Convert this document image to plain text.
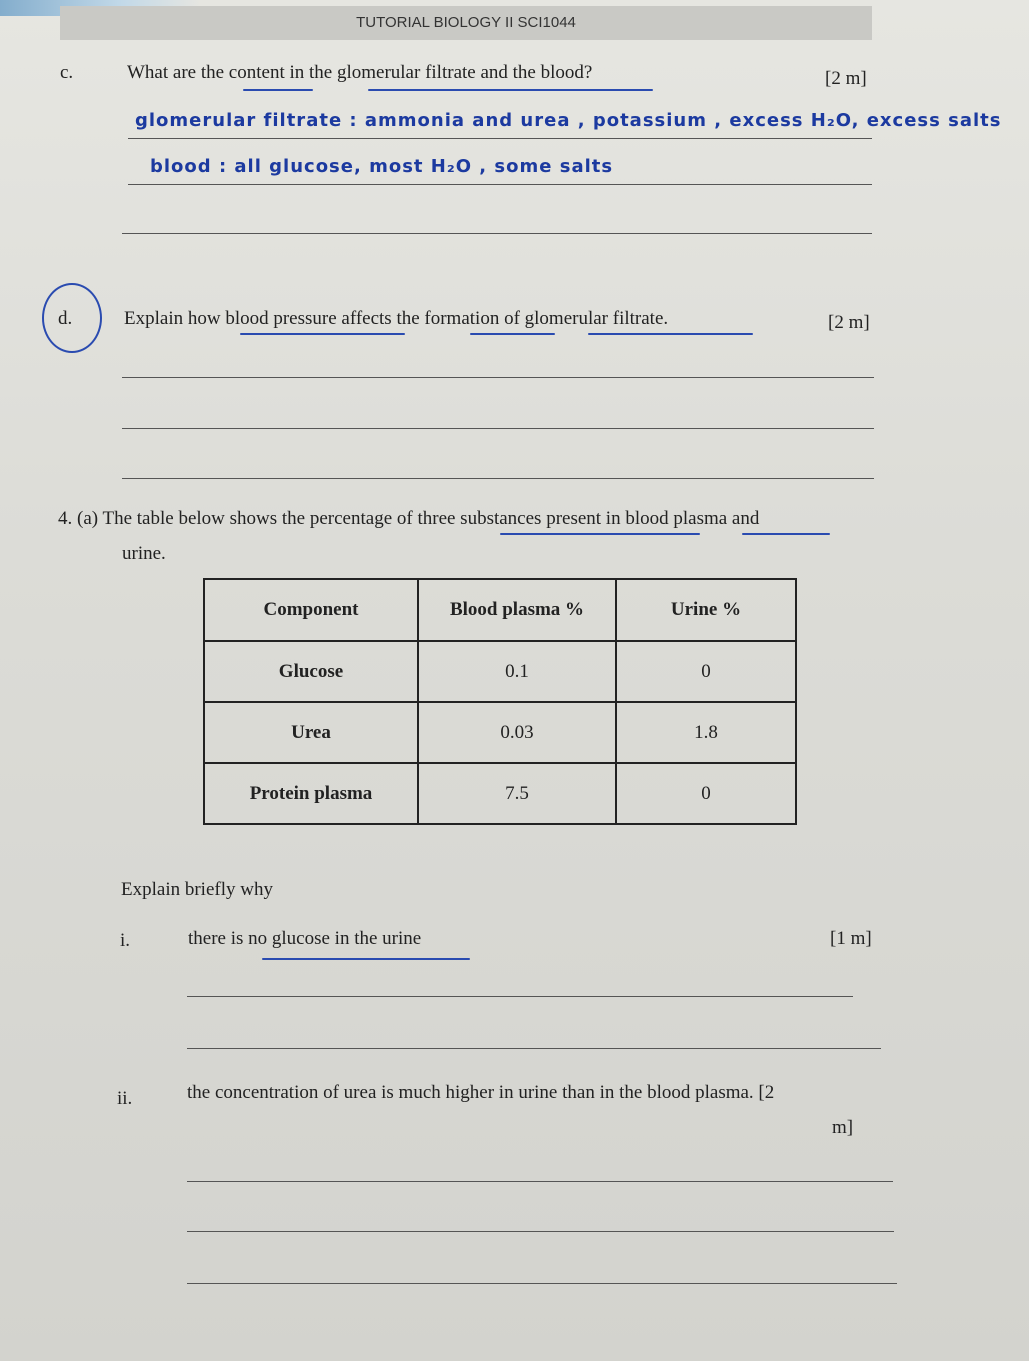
TUTORIAL BIOLOGY II SCI1044
c.	What are the content in the glomerular filtrate and the blood?	[2 m]
glomerular filtrate : ammonia and urea , potassium , excess H₂O, excess salts
blood : all glucose, most H₂O , some salts
d.	Explain how blood pressure affects the formation of glomerular filtrate.	[2 m]
4. (a) The table below shows the percentage of three substances present in blood plasma and
urine.
Component	Blood plasma %	Urine %
Glucose	0.1	0
Urea	0.03	1.8
Protein plasma	7.5	0
Explain briefly why
i.	there is no glucose in the urine	[1 m]
ii.	the concentration of urea is much higher in urine than in the blood plasma. [2
m]
